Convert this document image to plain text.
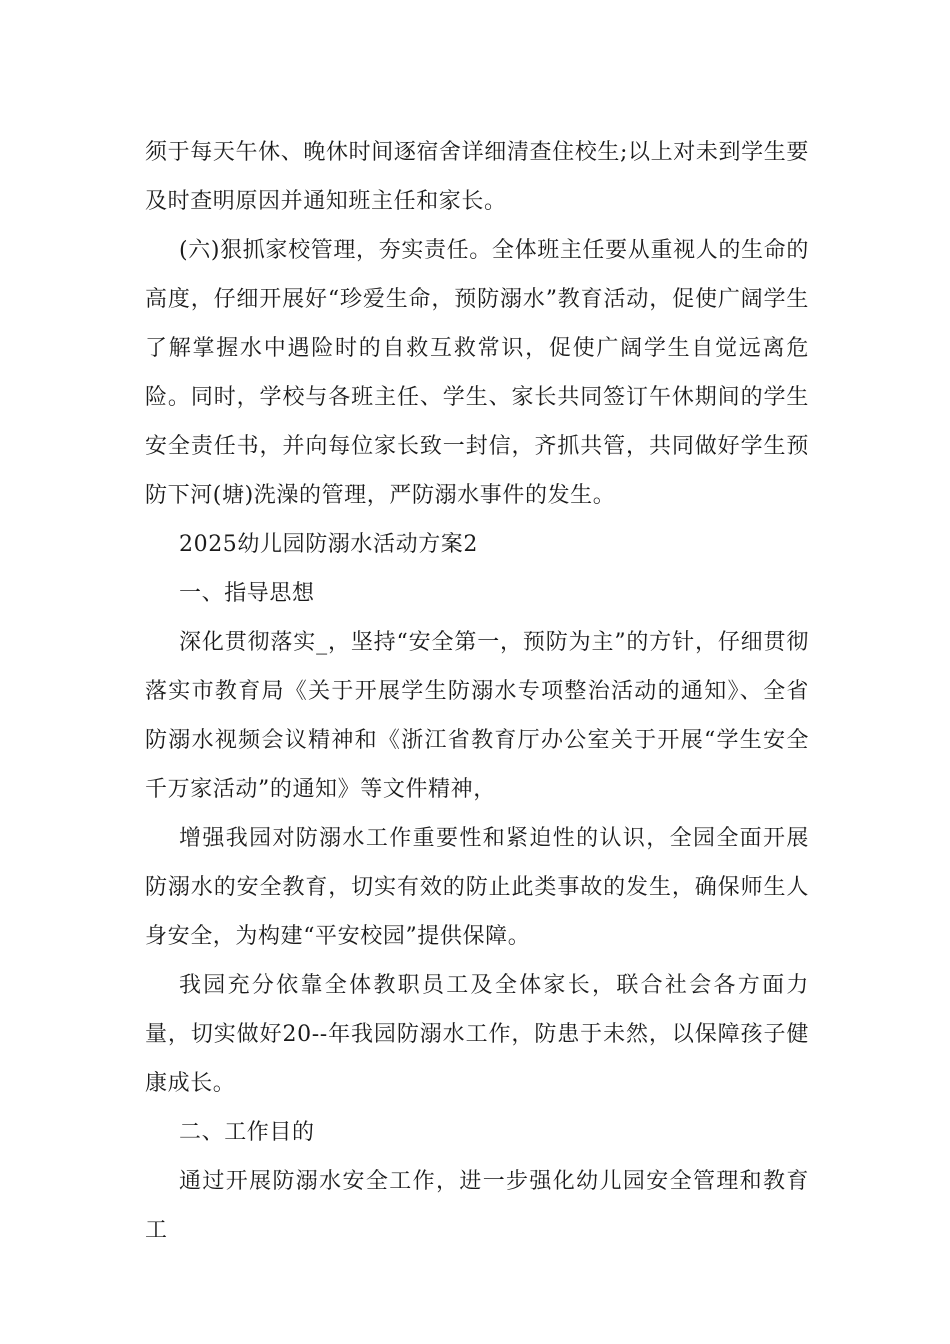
须于每天午休、晚休时间逐宿舍详细清查住校生;以上对未到学生要及时查明原因并通知班主任和家长。

(六)狠抓家校管理，夯实责任。全体班主任要从重视人的生命的高度，仔细开展好“珍爱生命，预防溺水”教育活动，促使广阔学生了解掌握水中遇险时的自救互救常识，促使广阔学生自觉远离危险。同时，学校与各班主任、学生、家长共同签订午休期间的学生安全责任书，并向每位家长致一封信，齐抓共管，共同做好学生预防下河(塘)洗澡的管理，严防溺水事件的发生。

2025幼儿园防溺水活动方案2

一、指导思想

深化贯彻落实_，坚持“安全第一，预防为主”的方针，仔细贯彻落实市教育局《关于开展学生防溺水专项整治活动的通知》、全省防溺水视频会议精神和《浙江省教育厅办公室关于开展“学生安全千万家活动”的通知》等文件精神，

增强我园对防溺水工作重要性和紧迫性的认识，全园全面开展防溺水的安全教育，切实有效的防止此类事故的发生，确保师生人身安全，为构建“平安校园”提供保障。

我园充分依靠全体教职员工及全体家长，联合社会各方面力量，切实做好20--年我园防溺水工作，防患于未然，以保障孩子健康成长。

二、工作目的

通过开展防溺水安全工作，进一步强化幼儿园安全管理和教育工
